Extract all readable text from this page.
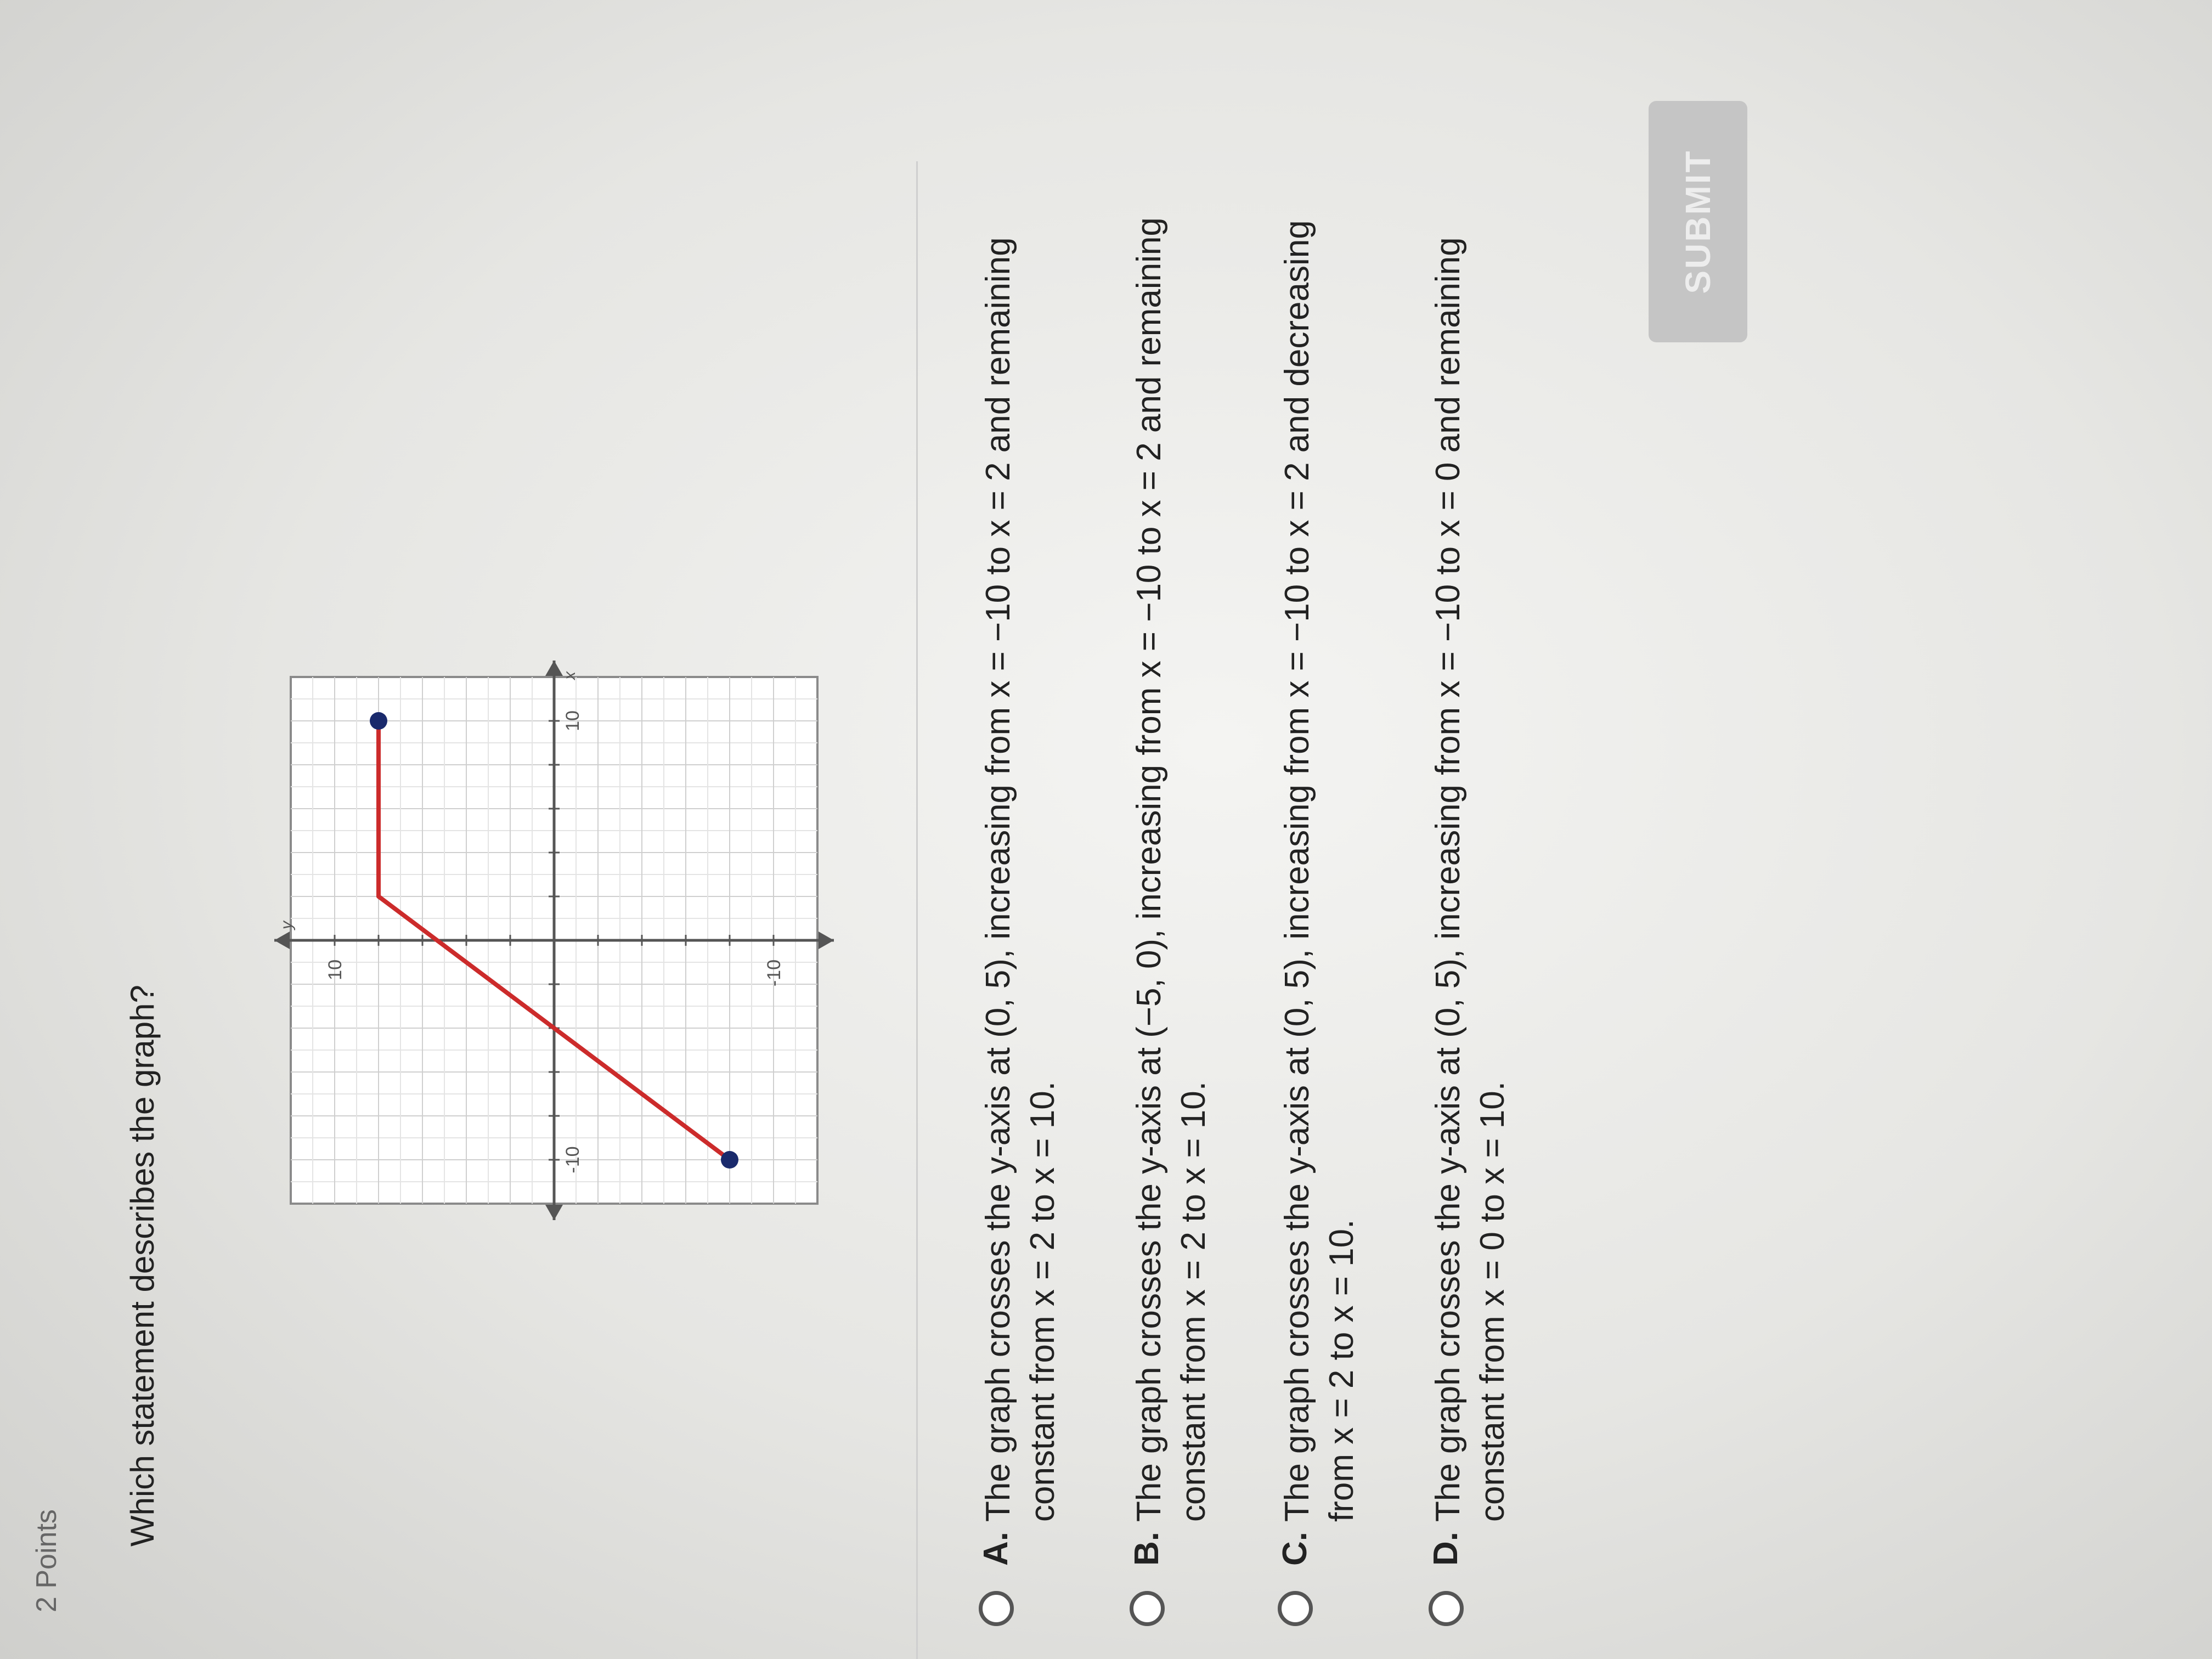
2 Points
Which statement describes the graph?	-10
10
10	-10
x
y
A.
The graph crosses the y-axis at (0, 5), increasing from x = −10 to x = 2 and remaining constant from x = 2 to x = 10.
B.
The graph crosses the y-axis at (−5, 0), increasing from x = −10 to x = 2 and remaining constant from x = 2 to x = 10.
C.
The graph crosses the y-axis at (0, 5), increasing from x = −10 to x = 2 and decreasing from x = 2 to x = 10.
D.
The graph crosses the y-axis at (0, 5), increasing from x = −10 to x = 0 and remaining constant from x = 0 to x = 10.
SUBMIT
